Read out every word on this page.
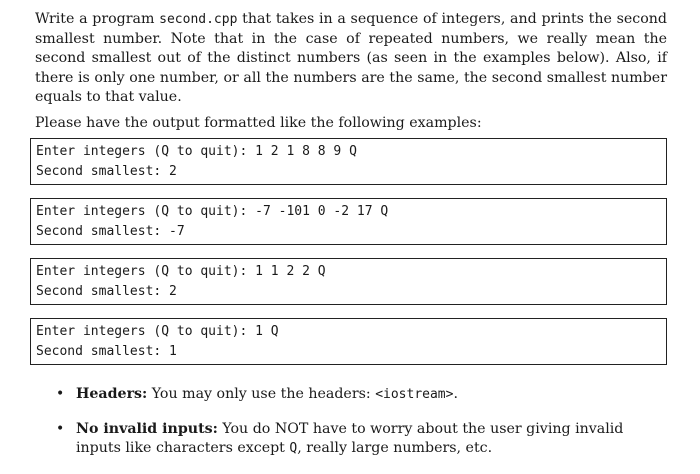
Write a program second.cpp that takes in a sequence of integers, and prints the second smallest number. Note that in the case of repeated numbers, we really mean the second smallest out of the distinct numbers (as seen in the examples below). Also, if there is only one number, or all the numbers are the same, the second smallest number equals to that value.
Please have the output formatted like the following examples:
Enter integers (Q to quit): 1 2 1 8 8 9 Q
Second smallest: 2
Enter integers (Q to quit): -7 -101 0 -2 17 Q
Second smallest: -7
Enter integers (Q to quit): 1 1 2 2 Q
Second smallest: 2
Enter integers (Q to quit): 1 Q
Second smallest: 1
• Headers: You may only use the headers: <iostream>.
• No invalid inputs: You do NOT have to worry about the user giving invalid inputs like characters except Q, really large numbers, etc.
